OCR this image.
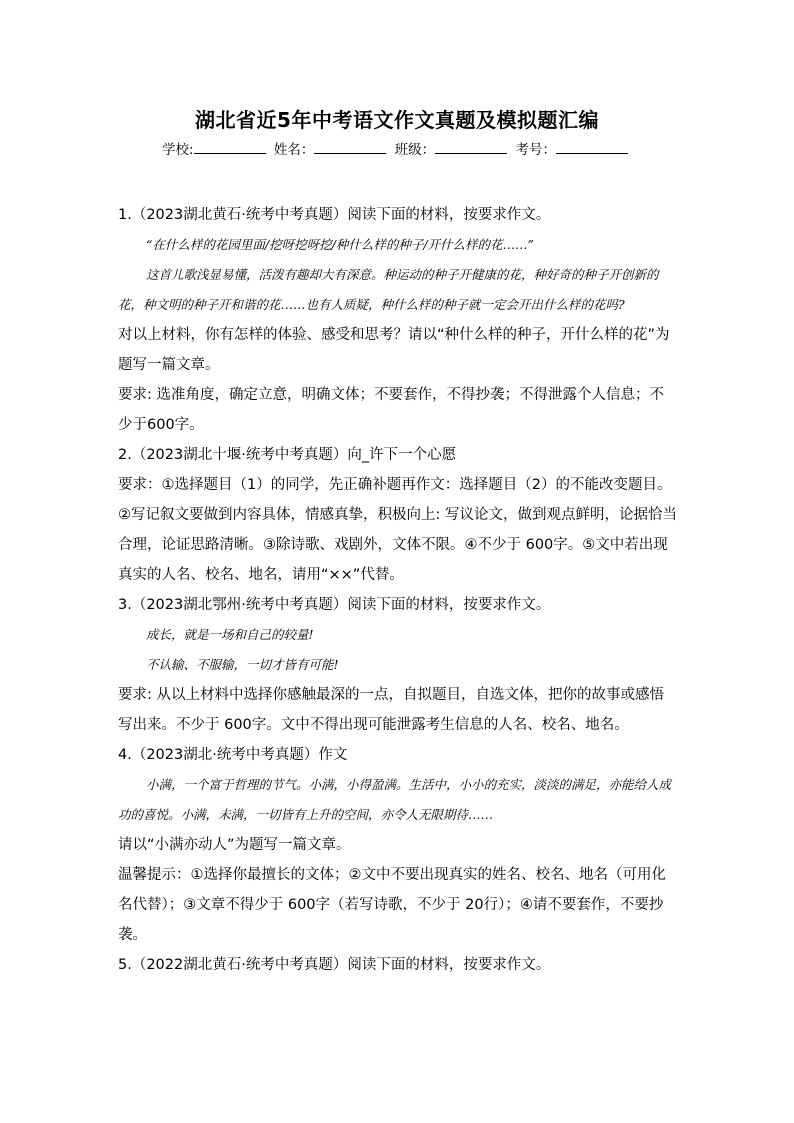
湖北省近5年中考语文作文真题及模拟题汇编
学校:	姓名：	班级：	考号：

1.（2023湖北黄石·统考中考真题）阅读下面的材料，按要求作文。

“在什么样的花园里面/挖呀挖呀挖/种什么样的种子/开什么样的花……”

这首儿歌浅显易懂，活泼有趣却大有深意。种运动的种子开健康的花，种好奇的种子开创新的花，种文明的种子开和谐的花……也有人质疑，种什么样的种子就一定会开出什么样的花吗?

对以上材料，你有怎样的体验、感受和思考？请以“种什么样的种子，开什么样的花”为题写一篇文章。

要求: 选准角度，确定立意，明确文体；不要套作，不得抄袭；不得泄露个人信息；不少于600字。

2.（2023湖北十堰·统考中考真题）向_许下一个心愿

要求：①选择题目（1）的同学，先正确补题再作文：选择题目（2）的不能改变题目。②写记叙文要做到内容具体，情感真挚，积极向上: 写议论文，做到观点鲜明，论据恰当合理，论证思路清晰。③除诗歌、戏剧外，文体不限。④不少于 600字。⑤文中若出现真实的人名、校名、地名，请用“××”代替。

3.（2023湖北鄂州·统考中考真题）阅读下面的材料，按要求作文。

成长，就是一场和自己的较量!

不认输、不服输，一切才皆有可能!

要求: 从以上材料中选择你感触最深的一点，自拟题目，自选文体，把你的故事或感悟写出来。不少于 600字。文中不得出现可能泄露考生信息的人名、校名、地名。

4.（2023湖北·统考中考真题）作文

小满，一个富于哲理的节气。小满，小得盈满。生活中，小小的充实，淡淡的满足，亦能给人成功的喜悦。小满，未满，一切皆有上升的空间，亦令人无限期待……

请以“小满亦动人”为题写一篇文章。

温馨提示：①选择你最擅长的文体；②文中不要出现真实的姓名、校名、地名（可用化名代替）；③文章不得少于 600字（若写诗歌，不少于 20行）；④请不要套作，不要抄袭。

5.（2022湖北黄石·统考中考真题）阅读下面的材料，按要求作文。
